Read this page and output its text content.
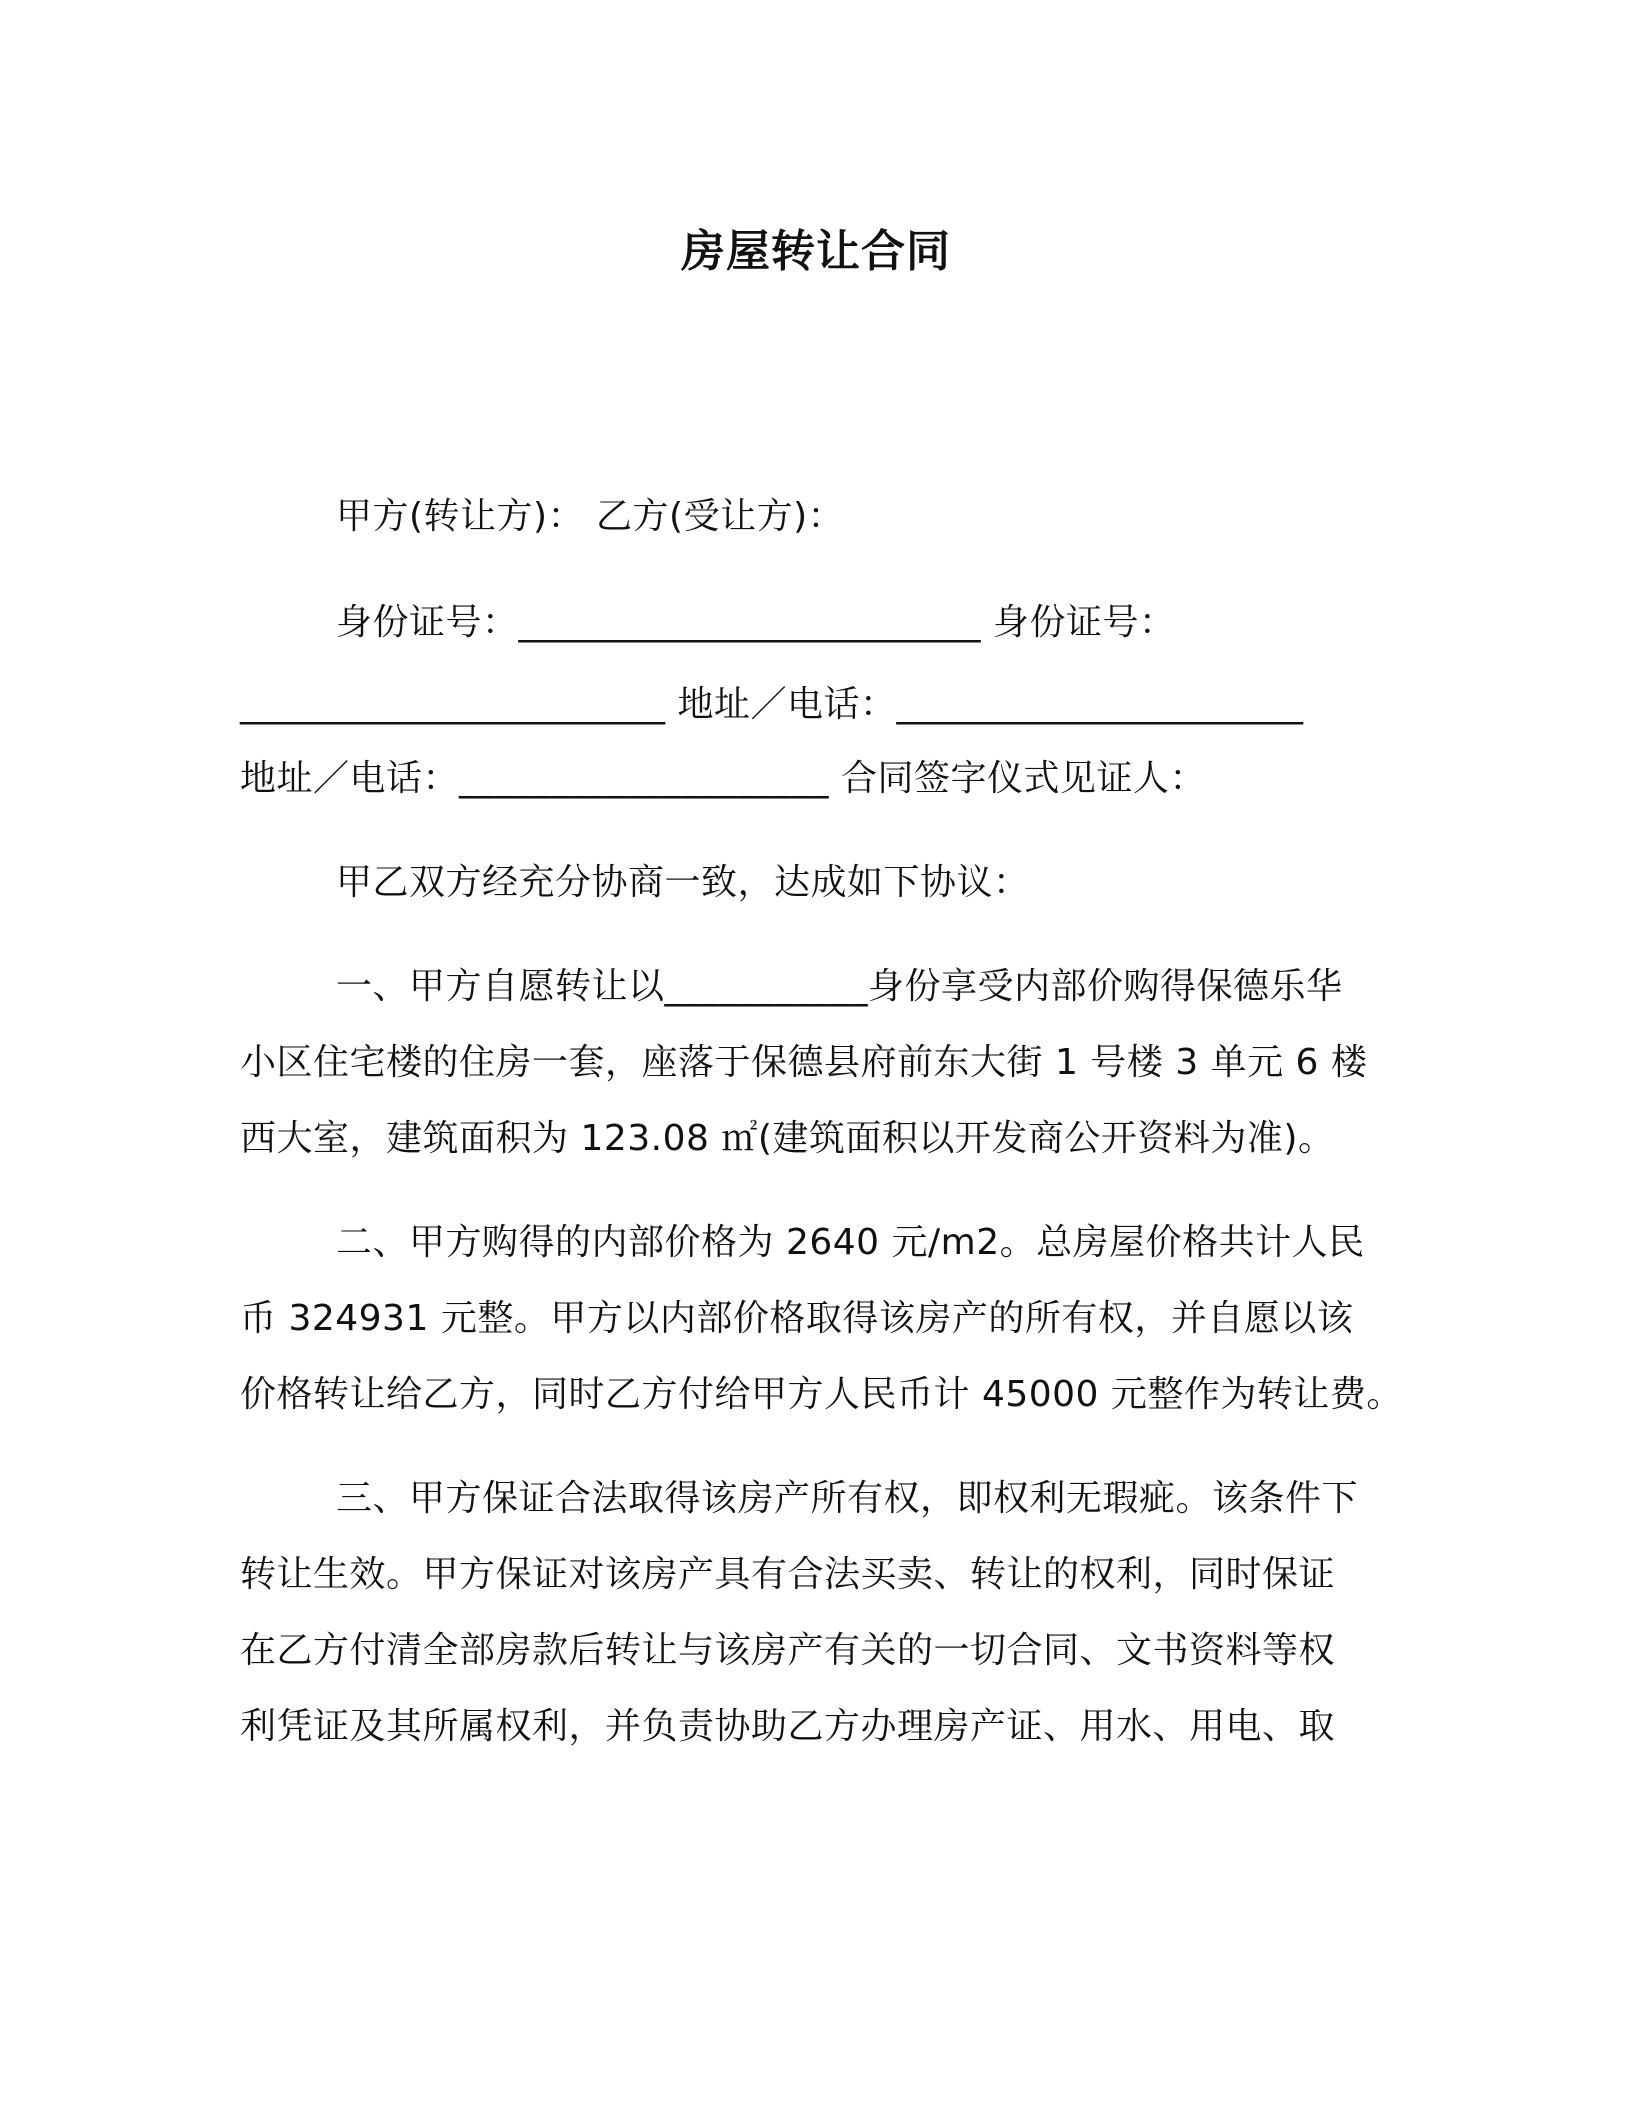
房屋转让合同
甲方(转让方)： 乙方(受让方)：
身份证号：_________________________ 身份证号：
_______________________ 地址／电话：______________________
地址／电话：____________________ 合同签字仪式见证人：
甲乙双方经充分协商一致，达成如下协议：
一、甲方自愿转让以___________身份享受内部价购得保德乐华
小区住宅楼的住房一套，座落于保德县府前东大街 1 号楼 3 单元 6 楼
西大室，建筑面积为 123.08 ㎡(建筑面积以开发商公开资料为准)。
二、甲方购得的内部价格为 2640 元/m2。总房屋价格共计人民
币 324931 元整。甲方以内部价格取得该房产的所有权，并自愿以该
价格转让给乙方，同时乙方付给甲方人民币计 45000 元整作为转让费。
三、甲方保证合法取得该房产所有权，即权利无瑕疵。该条件下
转让生效。甲方保证对该房产具有合法买卖、转让的权利，同时保证
在乙方付清全部房款后转让与该房产有关的一切合同、文书资料等权
利凭证及其所属权利，并负责协助乙方办理房产证、用水、用电、取
